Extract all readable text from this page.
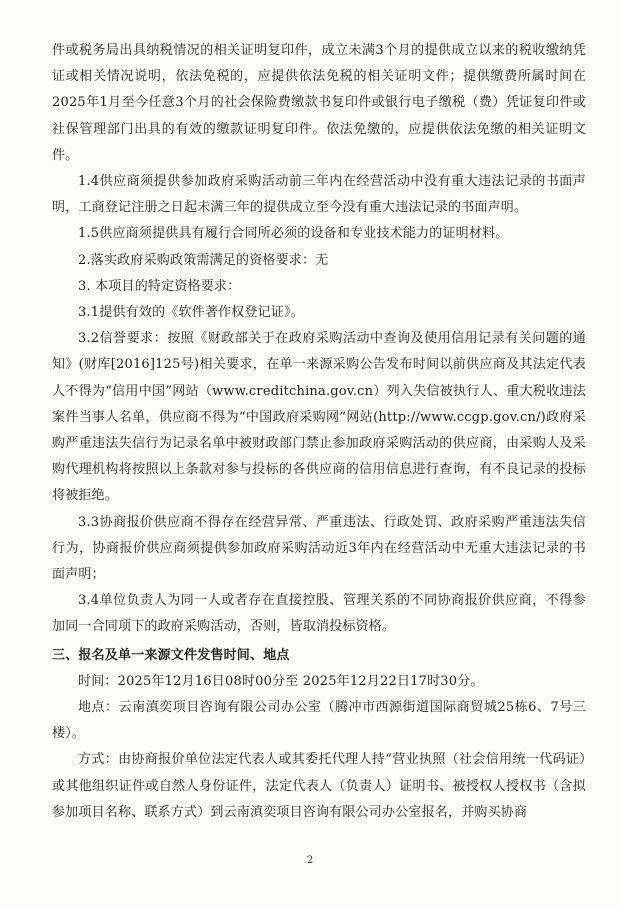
件或税务局出具纳税情况的相关证明复印件，成立未满3个月的提供成立以来的税收缴纳凭证或相关情况说明，依法免税的，应提供依法免税的相关证明文件；提供缴费所属时间在2025年1月至今任意3个月的社会保险费缴款书复印件或银行电子缴税（费）凭证复印件或社保管理部门出具的有效的缴款证明复印件。依法免缴的，应提供依法免缴的相关证明文件。

1.4供应商须提供参加政府采购活动前三年内在经营活动中没有重大违法记录的书面声明，工商登记注册之日起未满三年的提供成立至今没有重大违法记录的书面声明。

1.5供应商须提供具有履行合同所必须的设备和专业技术能力的证明材料。

2.落实政府采购政策需满足的资格要求：无

3. 本项目的特定资格要求：

3.1提供有效的《软件著作权登记证》。

3.2信誉要求：按照《财政部关于在政府采购活动中查询及使用信用记录有关问题的通知》(财库[2016]125号)相关要求，在单一来源采购公告发布时间以前供应商及其法定代表人不得为“信用中国”网站（www.creditchina.gov.cn）列入失信被执行人、重大税收违法案件当事人名单，供应商不得为“中国政府采购网”网站(http://www.ccgp.gov.cn/)政府采购严重违法失信行为记录名单中被财政部门禁止参加政府采购活动的供应商，由采购人及采购代理机构将按照以上条款对参与投标的各供应商的信用信息进行查询，有不良记录的投标将被拒绝。

3.3协商报价供应商不得存在经营异常、严重违法、行政处罚、政府采购严重违法失信行为，协商报价供应商须提供参加政府采购活动近3年内在经营活动中无重大违法记录的书面声明；

3.4单位负责人为同一人或者存在直接控股、管理关系的不同协商报价供应商，不得参加同一合同项下的政府采购活动，否则，皆取消投标资格。

三、报名及单一来源文件发售时间、地点

时间：2025年12月16日08时00分至 2025年12月22日17时30分。

地点：云南滇奕项目咨询有限公司办公室（腾冲市西源街道国际商贸城25栋6、7号三楼）。

方式：由协商报价单位法定代表人或其委托代理人持“营业执照（社会信用统一代码证）或其他组织证件或自然人身份证件，法定代表人（负责人）证明书、被授权人授权书（含拟参加项目名称、联系方式）到云南滇奕项目咨询有限公司办公室报名，并购买协商

2
